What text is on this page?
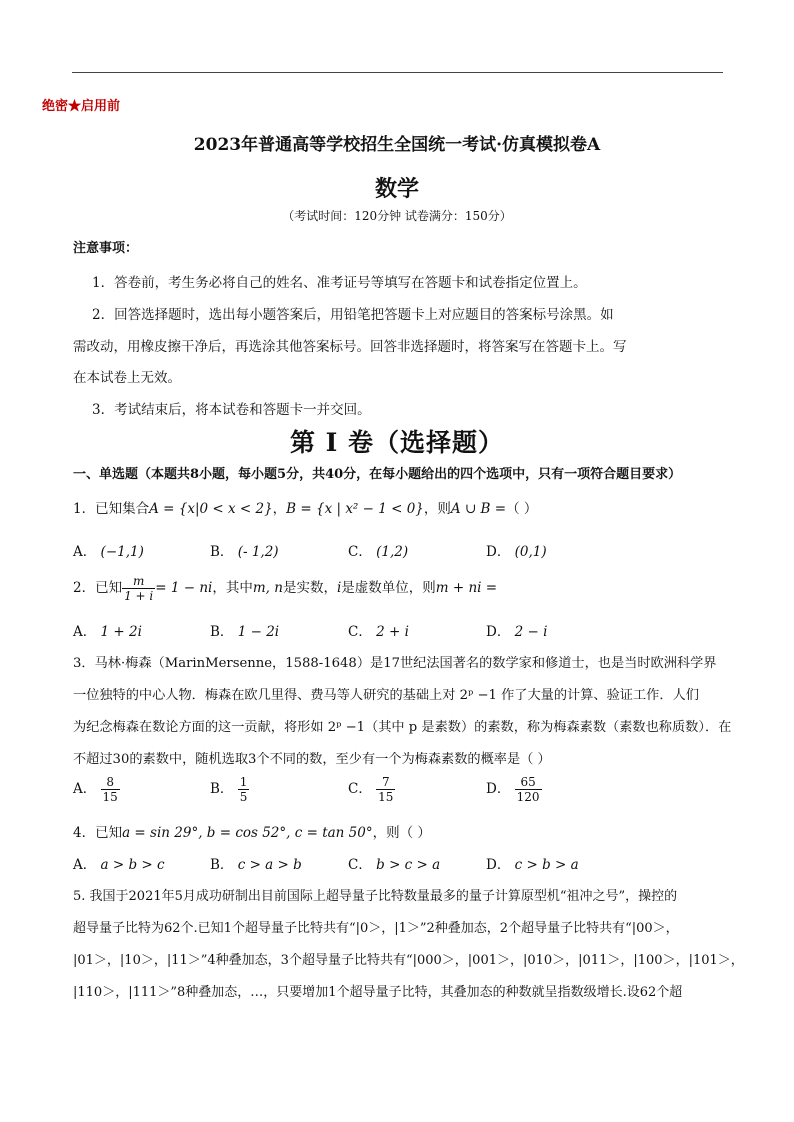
绝密★启用前
2023年普通高等学校招生全国统一考试·仿真模拟卷A
数学
（考试时间：120分钟 试卷满分：150分）
注意事项：
1．答卷前，考生务必将自己的姓名、准考证号等填写在答题卡和试卷指定位置上。
2．回答选择题时，选出每小题答案后，用铅笔把答题卡上对应题目的答案标号涂黑。如
需改动，用橡皮擦干净后，再选涂其他答案标号。回答非选择题时，将答案写在答题卡上。写
在本试卷上无效。
3．考试结束后，将本试卷和答题卡一并交回。
第 I 卷（选择题）
一、单选题（本题共8小题，每小题5分，共40分，在每小题给出的四个选项中，只有一项符合题目要求）
1．已知集合A = {x|0 < x < 2}，B = {x | x² − 1 < 0}，则A ∪ B =（ ）
A． (−1,1)	B． (- 1,2)	C． (1,2)	D． (0,1)
2．已知 $\frac{m}{1 + i} = 1$ − ni，其中m, n是实数，i是虚数单位，则m + ni =
A． 1 + 2i	B． 1 − 2i	C． 2 + i	D． 2 − i
3．马林·梅森（MarinMersenne，1588-1648）是17世纪法国著名的数学家和修道士，也是当时欧洲科学界
一位独特的中心人物．梅森在欧几里得、费马等人研究的基础上对 2ᵖ −1 作了大量的计算、验证工作．人们
为纪念梅森在数论方面的这一贡献，将形如 2ᵖ −1（其中 p 是素数）的素数，称为梅森素数（素数也称质数）．在
不超过30的素数中，随机选取3个不同的数，至少有一个为梅森素数的概率是（ ）
A． $\frac{8}{15}$	B． $\frac{1}{5}$	C． $\frac{7}{15}$	D． $\frac{65}{120}$
4．已知a = sin 29°, b = cos 52°, c = tan 50°，则（ ）
A． a > b > c	B． c > a > b	C． b > c > a	D． c > b > a
5. 我国于2021年5月成功研制出目前国际上超导量子比特数量最多的量子计算原型机“祖冲之号”，操控的
超导量子比特为62个.已知1个超导量子比特共有“|0＞，|1＞”2种叠加态，2个超导量子比特共有“|00＞，
|01＞，|10＞，|11＞”4种叠加态，3个超导量子比特共有“|000＞，|001＞，|010＞，|011＞，|100＞，|101＞，
|110＞，|111＞”8种叠加态，…，只要增加1个超导量子比特，其叠加态的种数就呈指数级增长.设62个超
